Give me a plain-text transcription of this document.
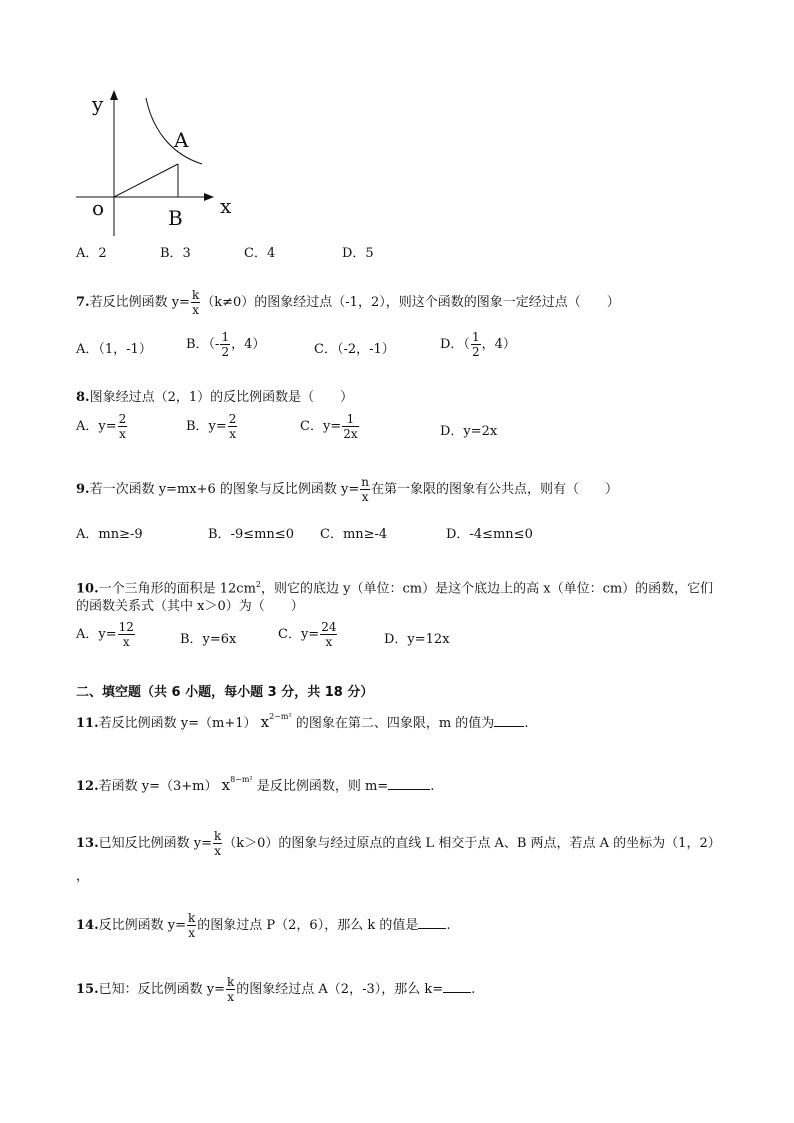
y
x
o
A
B
A．2	B．3	C．4	D．5
7.若反比例函数 $y= \frac{k}{x} (k\ne 0)$的图象经过点（-1，2），则这个函数的图象一定经过点（　　）
A．（1，-1）	B．（- $\frac{1}{2}$ ，4）	C．（-2，-1）	D．（ $\frac{1}{2}$ ，4）
8.图象经过点（2，1）的反比例函数是（　　）
A．$y= \frac{2}{x}$	B．$y= \frac{2}{x}$	C．$y= \frac{1}{2x}$	D．y=2x
9.若一次函数 y=mx+6 的图象与反比例函数 $y= \frac{n}{x}$ 在第一象限的图象有公共点，则有（　　）
A．mn≥-9	B．-9≤mn≤0 C．mn≥-4	D．-4≤mn≤0
10.一个三角形的面积是 $12cm^2$，则它的底边 y（单位：cm）是这个底边上的高 x（单位：cm）的函数，它们
的函数关系式（其中 x＞0）为（　　）
A．$y= \frac{12}{x}$	B．y=6x	C．$y= \frac{24}{x}$	D．y=12x
二、填空题（共 6 小题，每小题 3 分，共 18 分）
11.若反比例函数 y=（m+1） $x^{2-m^2}$ 的图象在第二、四象限，m 的值为 .
12.若函数 y=（3+m） $x^{8-m^2}$ 是反比例函数，则 m=	.
13.已知反比例函数 $y= \frac{k}{x} (k>0)$的图象与经过原点的直线 L 相交于点 A、B 两点，若点 A 的坐标为（1，2）
，
14.反比例函数 $y= \frac{k}{x}$ 的图象过点 P（2，6），那么 k 的值是 .
15.已知：反比例函数 $y= \frac{k}{x}$ 的图象经过点 A（2，-3），那么 k= .
